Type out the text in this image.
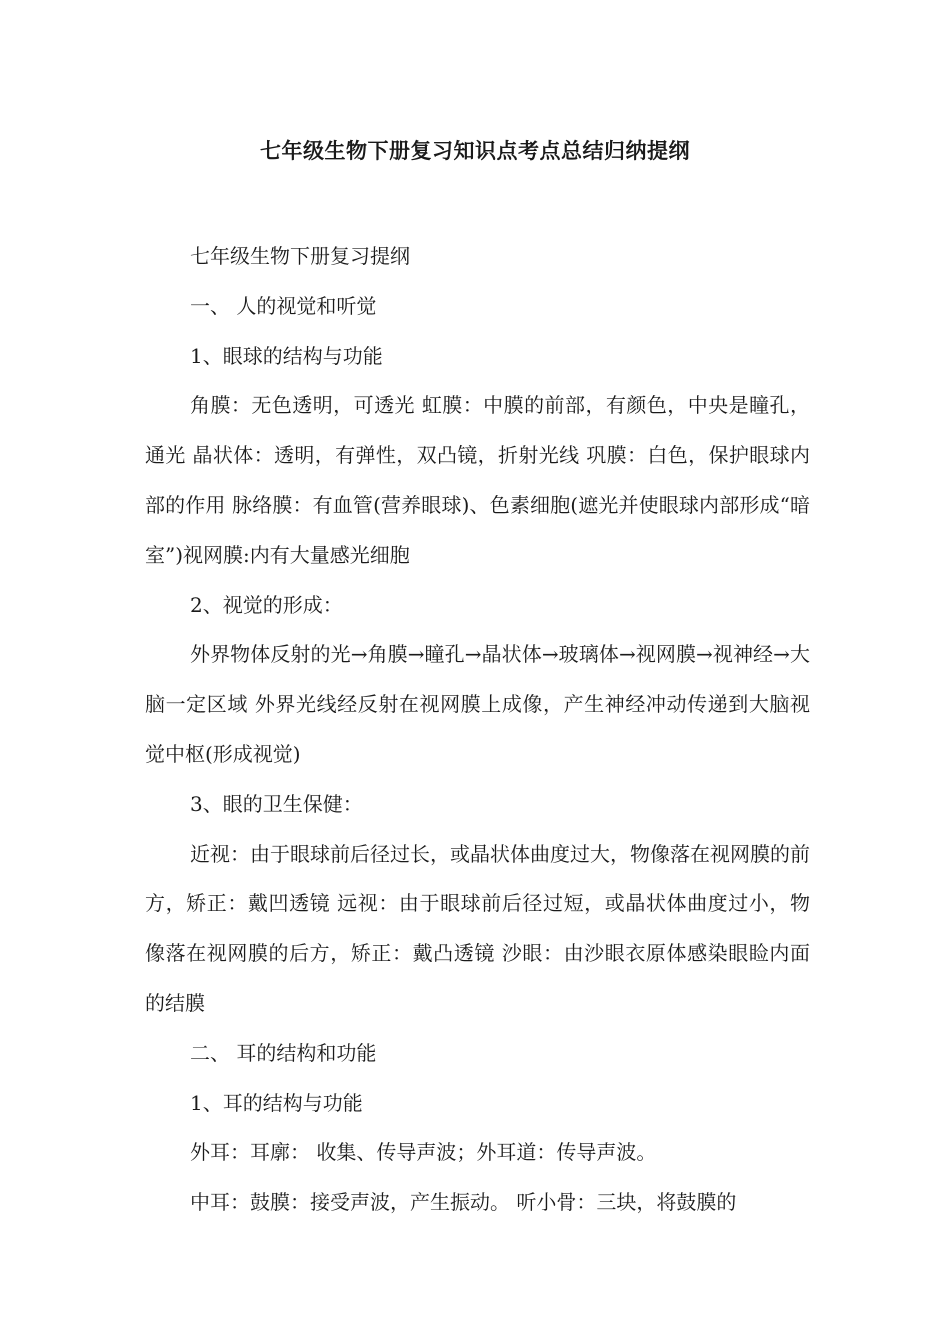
七年级生物下册复习知识点考点总结归纳提纲

七年级生物下册复习提纲

一、 人的视觉和听觉

1、眼球的结构与功能

角膜：无色透明，可透光 虹膜：中膜的前部，有颜色，中央是瞳孔，通光 晶状体：透明，有弹性，双凸镜，折射光线 巩膜：白色，保护眼球内部的作用 脉络膜：有血管(营养眼球)、色素细胞(遮光并使眼球内部形成“暗室”)视网膜:内有大量感光细胞

2、视觉的形成：

外界物体反射的光→角膜→瞳孔→晶状体→玻璃体→视网膜→视神经→大脑一定区域 外界光线经反射在视网膜上成像，产生神经冲动传递到大脑视觉中枢(形成视觉)

3、眼的卫生保健：

近视：由于眼球前后径过长，或晶状体曲度过大，物像落在视网膜的前方，矫正：戴凹透镜 远视：由于眼球前后径过短，或晶状体曲度过小，物像落在视网膜的后方，矫正：戴凸透镜 沙眼：由沙眼衣原体感染眼睑内面的结膜

二、 耳的结构和功能

1、耳的结构与功能

外耳：耳廓： 收集、传导声波；外耳道：传导声波。

中耳：鼓膜：接受声波，产生振动。 听小骨：三块，将鼓膜的
